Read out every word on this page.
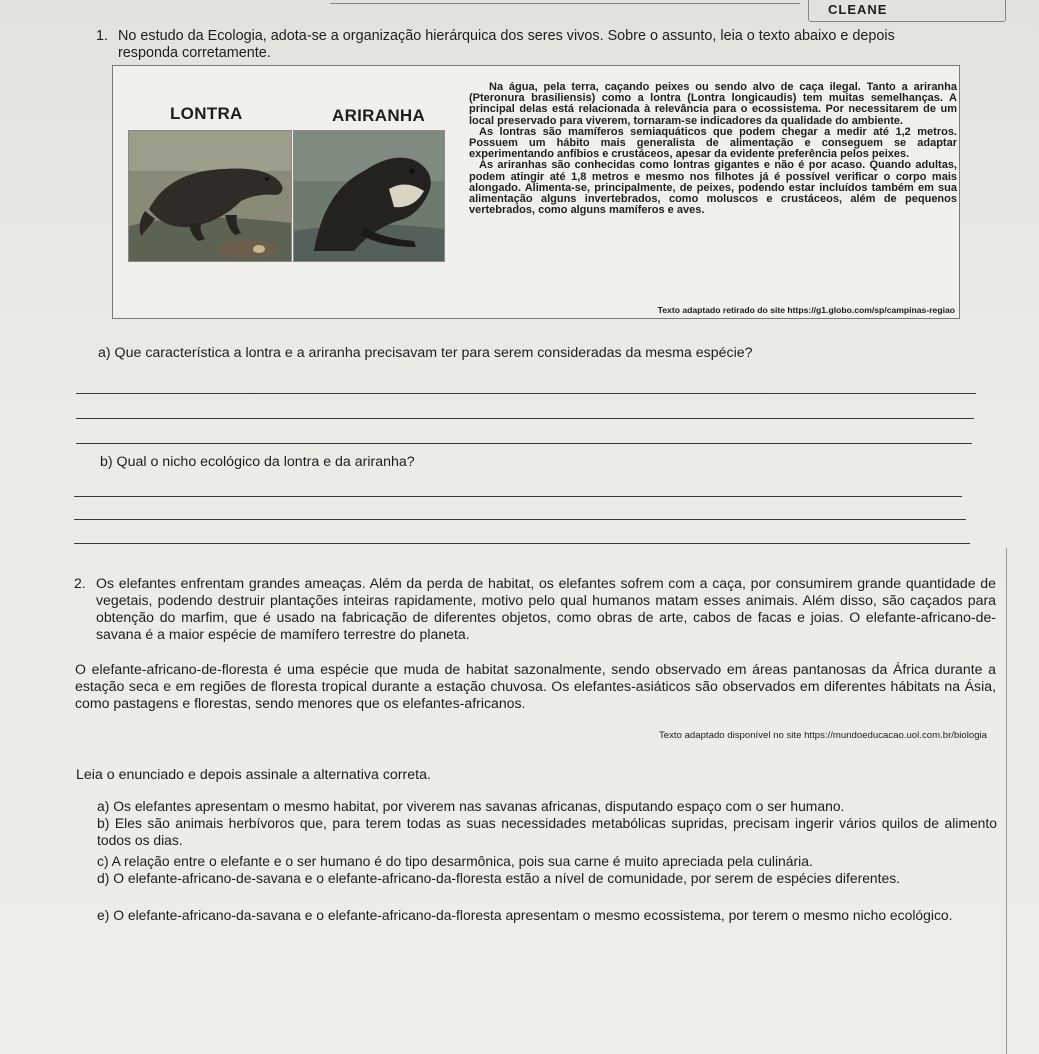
CLEANE
1. No estudo da Ecologia, adota-se a organização hierárquica dos seres vivos. Sobre o assunto, leia o texto abaixo e depois
responda corretamente.
LONTRA	ARIRANHA

Na água, pela terra, caçando peixes ou sendo alvo de caça ilegal. Tanto a ariranha (Pteronura brasiliensis) como a lontra (Lontra longicaudis) tem muitas semelhanças. A principal delas está relacionada à relevância para o ecossistema. Por necessitarem de um local preservado para viverem, tornaram-se indicadores da qualidade do ambiente.

As lontras são mamíferos semiaquáticos que podem chegar a medir até 1,2 metros. Possuem um hábito mais generalista de alimentação e conseguem se adaptar experimentando anfíbios e crustáceos, apesar da evidente preferência pelos peixes.

As ariranhas são conhecidas como lontras gigantes e não é por acaso. Quando adultas, podem atingir até 1,8 metros e mesmo nos filhotes já é possível verificar o corpo mais alongado. Alimenta-se, principalmente, de peixes, podendo estar incluídos também em sua alimentação alguns invertebrados, como moluscos e crustáceos, além de pequenos vertebrados, como alguns mamíferos e aves.

Texto adaptado retirado do site https://g1.globo.com/sp/campinas-regiao
a) Que característica a lontra e a ariranha precisavam ter para serem consideradas da mesma espécie?
b) Qual o nicho ecológico da lontra e da ariranha?
2. Os elefantes enfrentam grandes ameaças. Além da perda de habitat, os elefantes sofrem com a caça, por consumirem grande quantidade de vegetais, podendo destruir plantações inteiras rapidamente, motivo pelo qual humanos matam esses animais. Além disso, são caçados para obtenção do marfim, que é usado na fabricação de diferentes objetos, como obras de arte, cabos de facas e joias. O elefante-africano-de-savana é a maior espécie de mamífero terrestre do planeta.
O elefante-africano-de-floresta é uma espécie que muda de habitat sazonalmente, sendo observado em áreas pantanosas da África durante a estação seca e em regiões de floresta tropical durante a estação chuvosa. Os elefantes-asiáticos são observados em diferentes hábitats na Ásia, como pastagens e florestas, sendo menores que os elefantes-africanos.
Texto adaptado disponível no site https://mundoeducacao.uol.com.br/biologia
Leia o enunciado e depois assinale a alternativa correta.
a) Os elefantes apresentam o mesmo habitat, por viverem nas savanas africanas, disputando espaço com o ser humano.
b) Eles são animais herbívoros que, para terem todas as suas necessidades metabólicas supridas, precisam ingerir vários quilos de alimento todos os dias.
c) A relação entre o elefante e o ser humano é do tipo desarmônica, pois sua carne é muito apreciada pela culinária.
d) O elefante-africano-de-savana e o elefante-africano-da-floresta estão a nível de comunidade, por serem de espécies diferentes.
e) O elefante-africano-da-savana e o elefante-africano-da-floresta apresentam o mesmo ecossistema, por terem o mesmo nicho ecológico.
